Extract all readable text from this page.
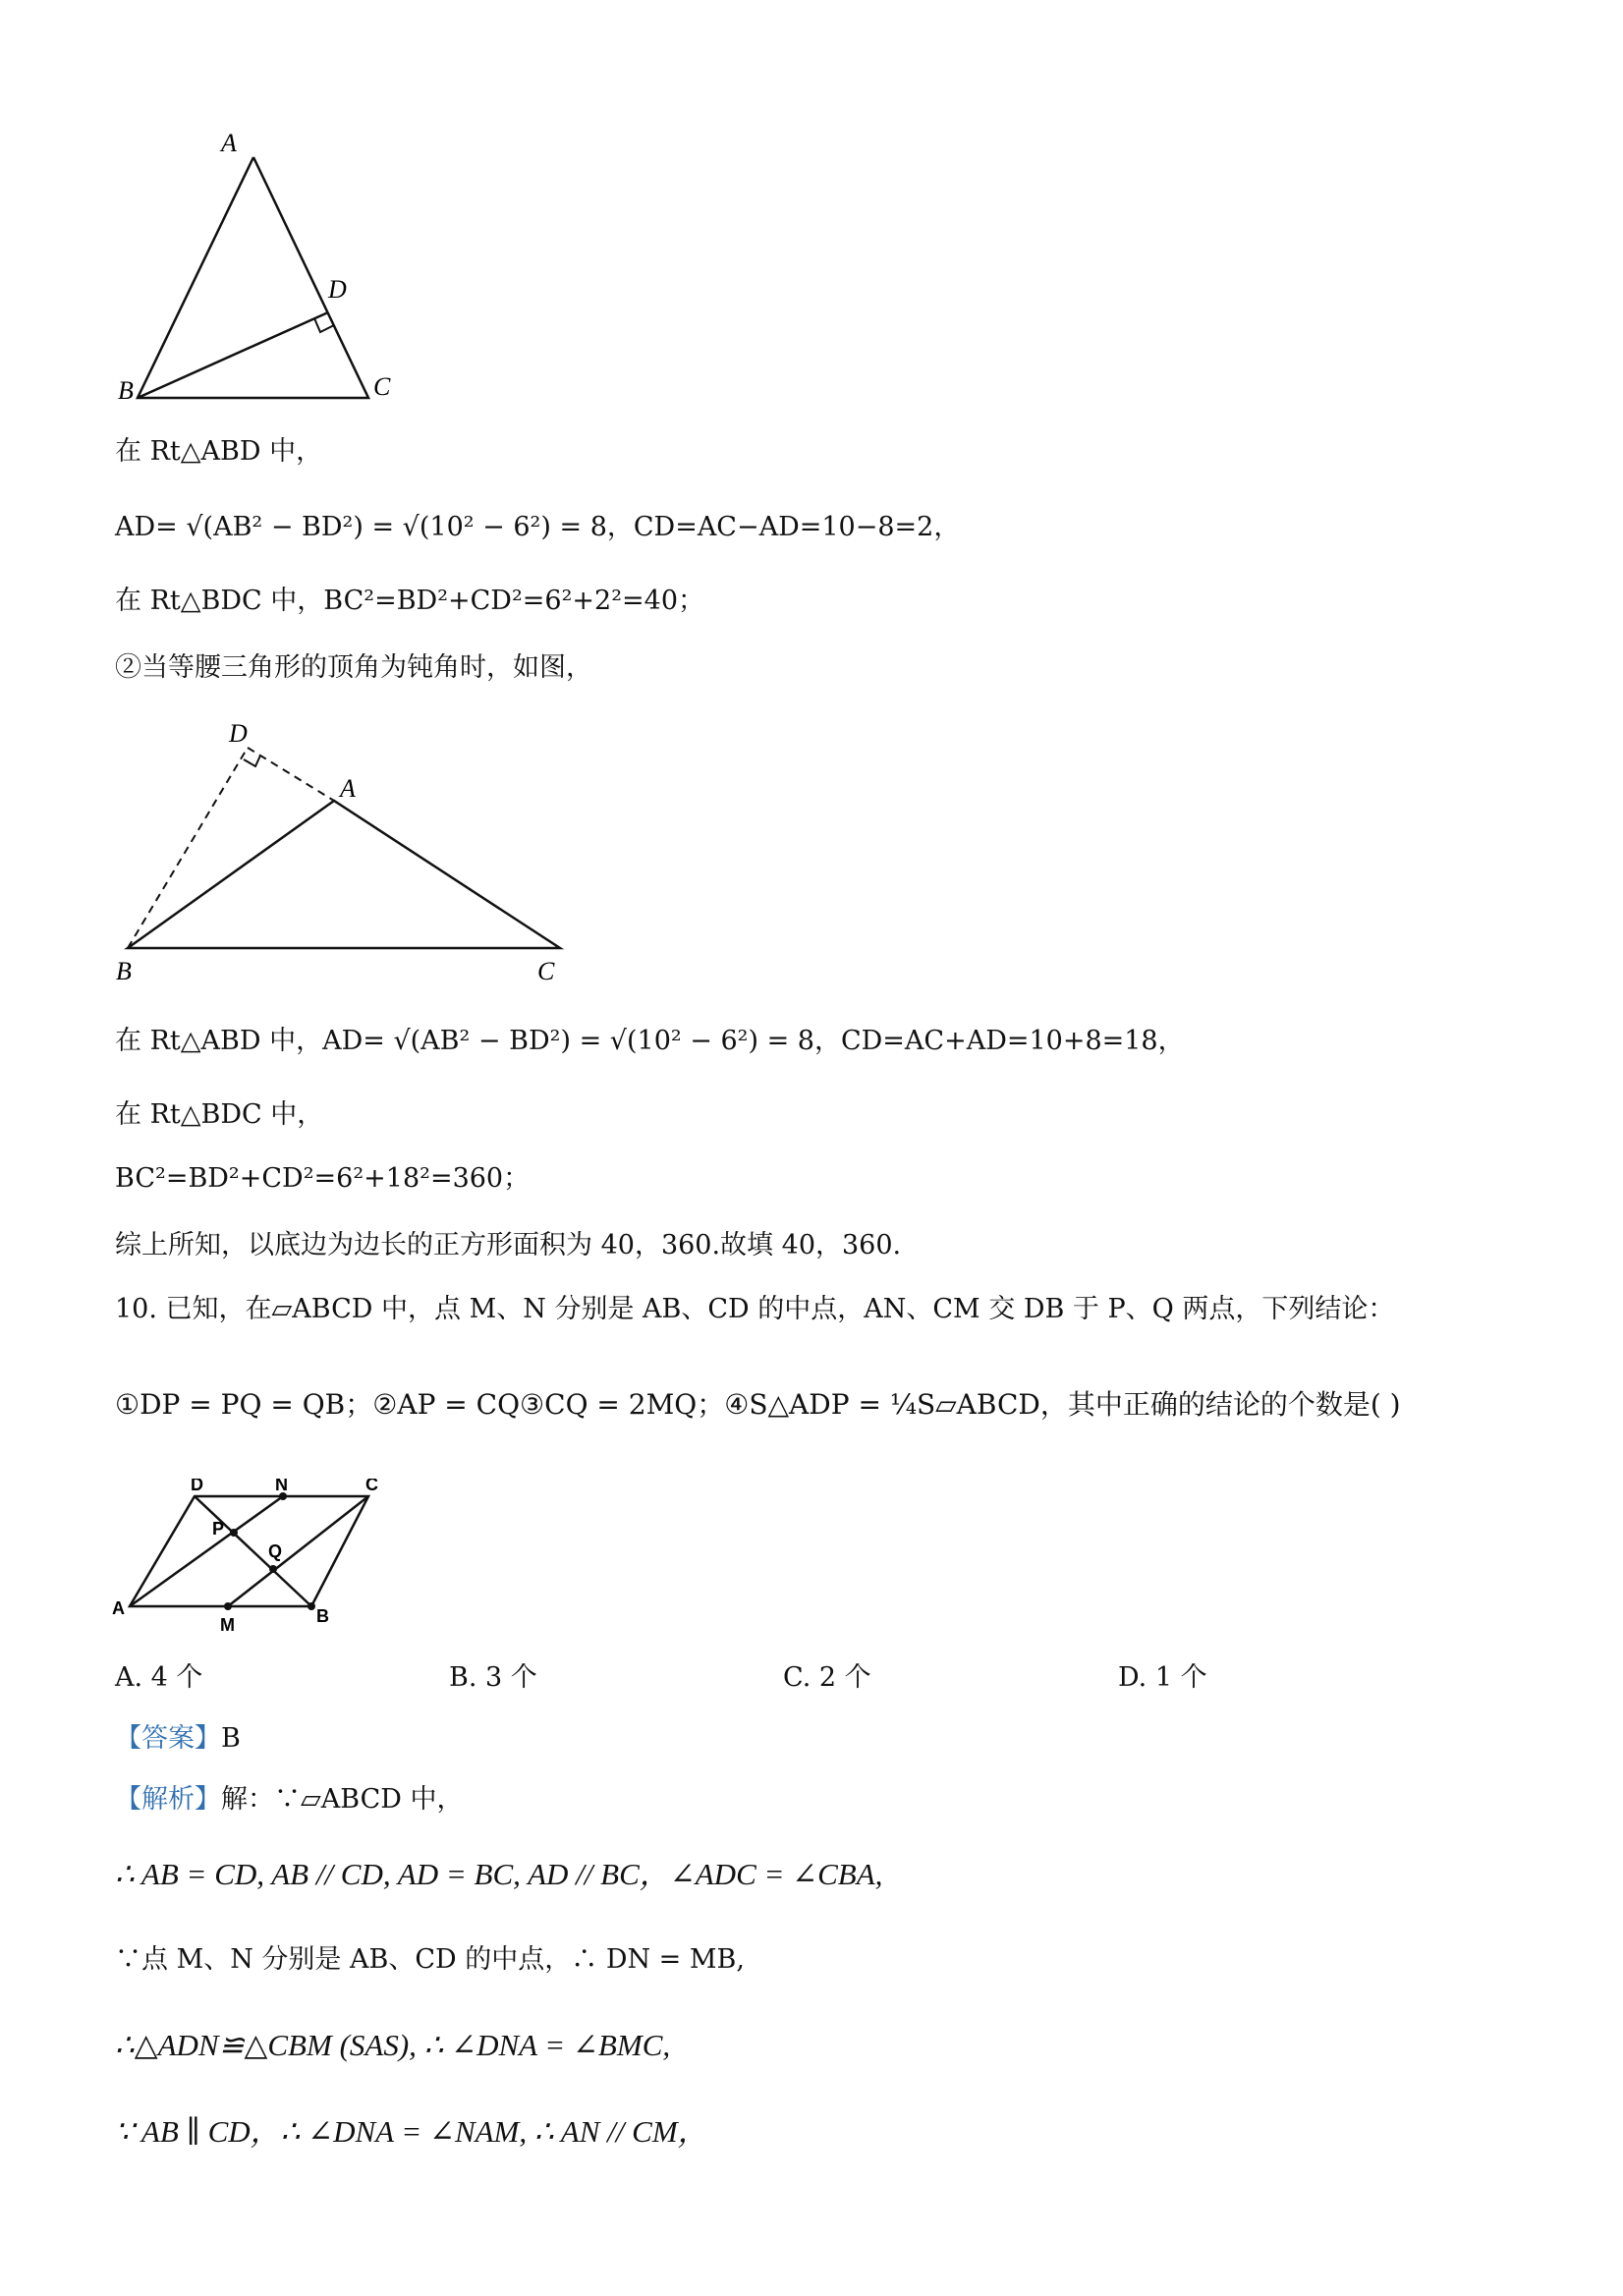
A
D
B	C
在 Rt△ABD 中，
AD= √(AB² − BD²) = √(10² − 6²) = 8，CD=AC−AD=10−8=2，
在 Rt△BDC 中，BC²=BD²+CD²=6²+2²=40；
②当等腰三角形的顶角为钝角时，如图，
D
A
B	C
在 Rt△ABD 中，AD= √(AB² − BD²) = √(10² − 6²) = 8，CD=AC+AD=10+8=18，
在 Rt△BDC 中，
BC²=BD²+CD²=6²+18²=360；
综上所知，以底边为边长的正方形面积为 40，360.故填 40，360.
10. 已知，在▱ABCD 中，点 M、N 分别是 AB、CD 的中点，AN、CM 交 DB 于 P、Q 两点，下列结论：
①DP = PQ = QB；②AP = CQ③CQ = 2MQ；④S△ADP = ¼S▱ABCD，其中正确的结论的个数是( )
D	N	C
P
Q
A
M	B
A. 4 个	B. 3 个	C. 2 个	D. 1 个
【答案】B
【解析】解：∵▱ABCD 中，
∴ AB = CD, AB // CD, AD = BC, AD // BC，∠ADC = ∠CBA,
∵点 M、N 分别是 AB、CD 的中点，∴ DN = MB,
∴△ADN≌△CBM (SAS), ∴ ∠DNA = ∠BMC,
∵ AB ∥ CD，∴ ∠DNA = ∠NAM, ∴ AN // CM，
